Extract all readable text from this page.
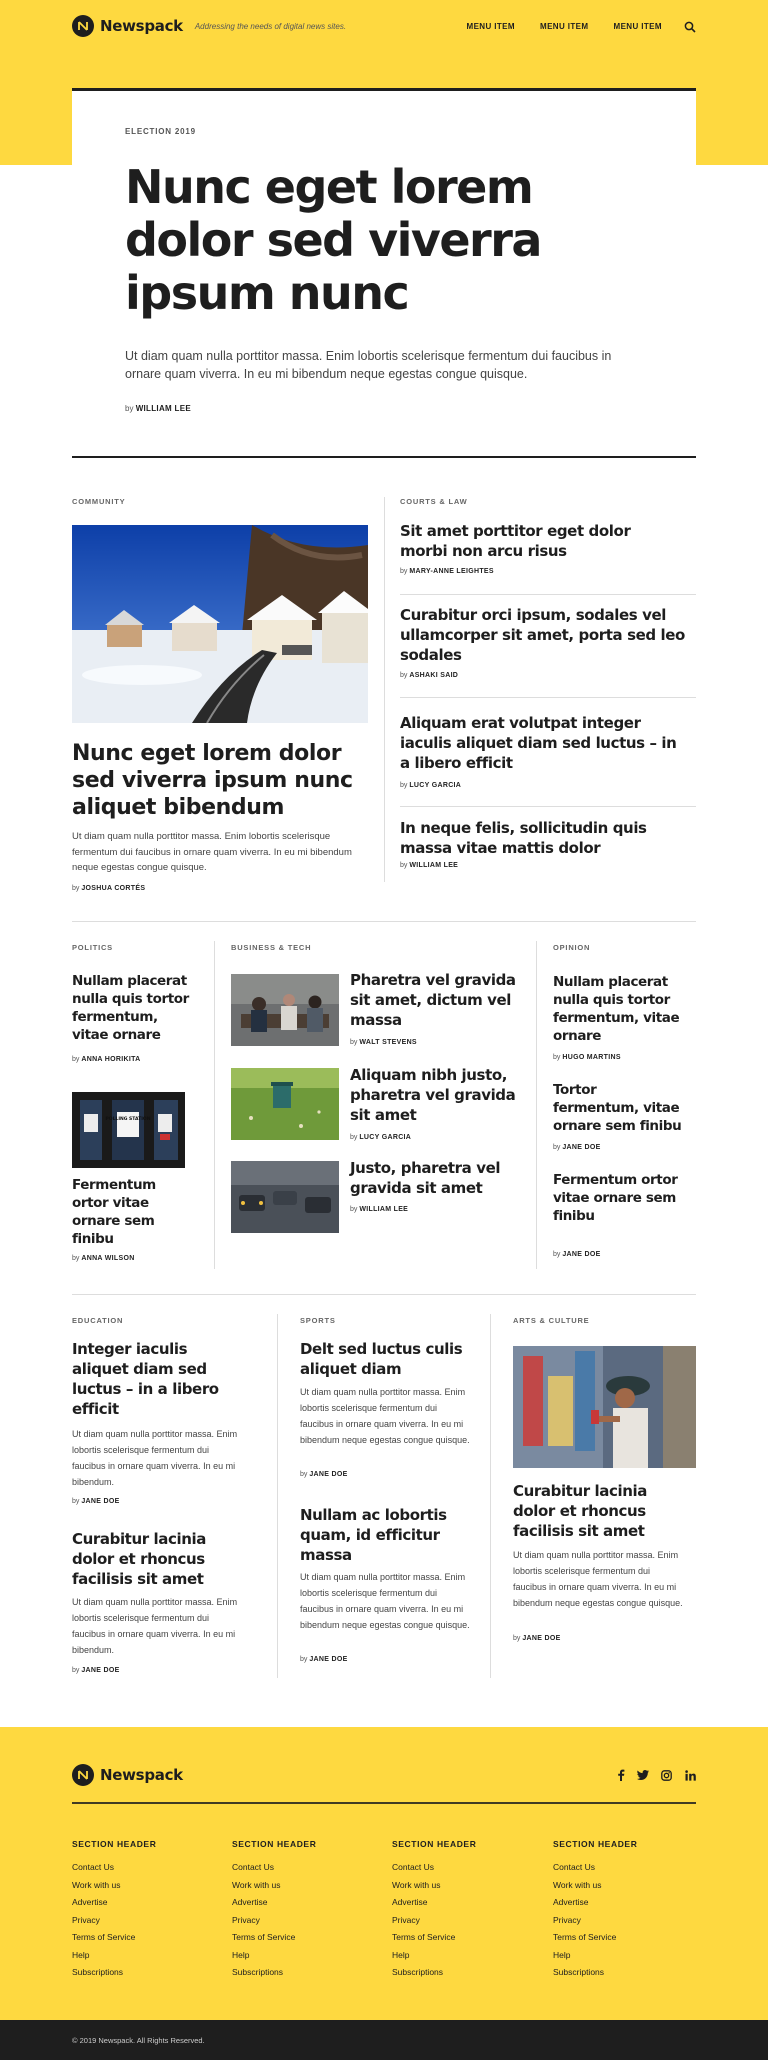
Newspack Addressing the needs of digital news sites.	MENU ITEM	MENU ITEM	MENU ITEM
ELECTION 2019
Nunc eget lorem dolor sed viverra ipsum nunc
Ut diam quam nulla porttitor massa. Enim lobortis scelerisque fermentum dui faucibus in ornare quam viverra. In eu mi bibendum neque egestas congue quisque.
by WILLIAM LEE
COMMUNITY
Nunc eget lorem dolor sed viverra ipsum nunc aliquet bibendum
Ut diam quam nulla porttitor massa. Enim lobortis scelerisque fermentum dui faucibus in ornare quam viverra. In eu mi bibendum neque egestas congue quisque.
by JOSHUA CORTÉS
COURTS & LAW
Sit amet porttitor eget dolor morbi non arcu risus
by MARY-ANNE LEIGHTES
Curabitur orci ipsum, sodales vel ullamcorper sit amet, porta sed leo sodales
by ASHAKI SAID
Aliquam erat volutpat integer iaculis aliquet diam sed luctus – in a libero efficit
by LUCY GARCIA
In neque felis, sollicitudin quis massa vitae mattis dolor
by WILLIAM LEE
POLITICS
Nullam placerat nulla quis tortor fermentum, vitae ornare
by ANNA HORIKITA
POLLING STATION
Fermentum ortor vitae ornare sem finibu
by ANNA WILSON
BUSINESS & TECH
Pharetra vel gravida sit amet, dictum vel massa
by WALT STEVENS
Aliquam nibh justo, pharetra vel gravida sit amet
by LUCY GARCIA
Justo, pharetra vel gravida sit amet
by WILLIAM LEE
OPINION
Nullam placerat nulla quis tortor fermentum, vitae ornare
by HUGO MARTINS
Tortor fermentum, vitae ornare sem finibu
by JANE DOE
Fermentum ortor vitae ornare sem finibu
by JANE DOE
EDUCATION
Integer iaculis aliquet diam sed luctus – in a libero efficit
Ut diam quam nulla porttitor massa. Enim lobortis scelerisque fermentum dui faucibus in ornare quam viverra. In eu mi bibendum.
by JANE DOE
Curabitur lacinia dolor et rhoncus facilisis sit amet
Ut diam quam nulla porttitor massa. Enim lobortis scelerisque fermentum dui faucibus in ornare quam viverra. In eu mi bibendum.
by JANE DOE
SPORTS
Delt sed luctus culis aliquet diam
Ut diam quam nulla porttitor massa. Enim lobortis scelerisque fermentum dui faucibus in ornare quam viverra. In eu mi bibendum neque egestas congue quisque.
by JANE DOE
Nullam ac lobortis quam, id efficitur massa
Ut diam quam nulla porttitor massa. Enim lobortis scelerisque fermentum dui faucibus in ornare quam viverra. In eu mi bibendum neque egestas congue quisque.
by JANE DOE
ARTS & CULTURE
Curabitur lacinia dolor et rhoncus facilisis sit amet
Ut diam quam nulla porttitor massa. Enim lobortis scelerisque fermentum dui faucibus in ornare quam viverra. In eu mi bibendum neque egestas congue quisque.
by JANE DOE
Newspack
SECTION HEADER
Contact Us
Work with us
Advertise
Privacy
Terms of Service
Help
Subscriptions
SECTION HEADER
Contact Us
Work with us
Advertise
Privacy
Terms of Service
Help
Subscriptions
SECTION HEADER
Contact Us
Work with us
Advertise
Privacy
Terms of Service
Help
Subscriptions
SECTION HEADER
Contact Us
Work with us
Advertise
Privacy
Terms of Service
Help
Subscriptions
© 2019 Newspack. All Rights Reserved.
